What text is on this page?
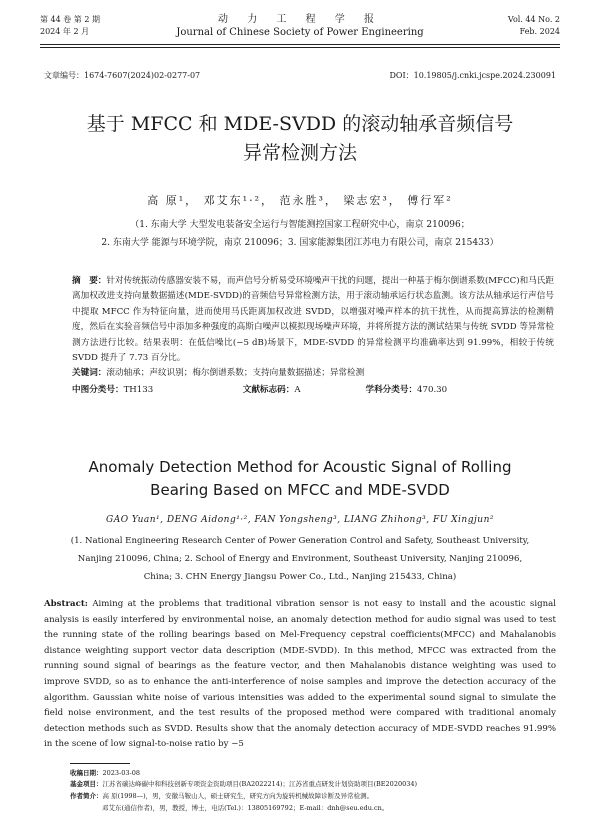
第 44 卷 第 2 期
2024 年 2 月
动 力 工 程 学 报
Journal of Chinese Society of Power Engineering
Vol. 44 No. 2
Feb. 2024
文章编号：1674-7607(2024)02-0277-07	DOI：10.19805/j.cnki.jcspe.2024.230091
基于 MFCC 和 MDE-SVDD 的滚动轴承音频信号
异常检测方法
高 原¹， 邓艾东¹·²， 范永胜³， 梁志宏³， 傅行军²
（1. 东南大学 大型发电装备安全运行与智能测控国家工程研究中心，南京 210096；
2. 东南大学 能源与环境学院，南京 210096；3. 国家能源集团江苏电力有限公司，南京 215433）
摘　要：针对传统振动传感器安装不易，而声信号分析易受环境噪声干扰的问题，提出一种基于梅尔倒谱系数(MFCC)和马氏距离加权改进支持向量数据描述(MDE-SVDD)的音频信号异常检测方法，用于滚动轴承运行状态监测。该方法从轴承运行声信号中提取 MFCC 作为特征向量，进而使用马氏距离加权改进 SVDD，以增强对噪声样本的抗干扰性，从而提高算法的检测精度，然后在实验音频信号中添加多种强度的高斯白噪声以模拟现场噪声环境，并将所提方法的测试结果与传统 SVDD 等异常检测方法进行比较。结果表明：在低信噪比(−5 dB)场景下，MDE-SVDD 的异常检测平均准确率达到 91.99%，相较于传统 SVDD 提升了 7.73 百分比。
关键词：滚动轴承；声纹识别；梅尔倒谱系数；支持向量数据描述；异常检测
中图分类号：TH133	文献标志码：A	学科分类号：470.30
Anomaly Detection Method for Acoustic Signal of Rolling
Bearing Based on MFCC and MDE-SVDD
GAO Yuan¹, DENG Aidong¹·², FAN Yongsheng³, LIANG Zhihong³, FU Xingjun²
(1. National Engineering Research Center of Power Generation Control and Safety, Southeast University,
Nanjing 210096, China; 2. School of Energy and Environment, Southeast University, Nanjing 210096,
China; 3. CHN Energy Jiangsu Power Co., Ltd., Nanjing 215433, China)
Abstract: Aiming at the problems that traditional vibration sensor is not easy to install and the acoustic signal analysis is easily interfered by environmental noise, an anomaly detection method for audio signal was used to test the running state of the rolling bearings based on Mel-Frequency cepstral coefficients(MFCC) and Mahalanobis distance weighting support vector data description (MDE-SVDD). In this method, MFCC was extracted from the running sound signal of bearings as the feature vector, and then Mahalanobis distance weighting was used to improve SVDD, so as to enhance the anti-interference of noise samples and improve the detection accuracy of the algorithm. Gaussian white noise of various intensities was added to the experimental sound signal to simulate the field noise environment, and the test results of the proposed method were compared with traditional anomaly detection methods such as SVDD. Results show that the anomaly detection accuracy of MDE-SVDD reaches 91.99% in the scene of low signal-to-noise ratio by −5
收稿日期：2023-03-08
基金项目：江苏省碳达峰碳中和科技创新专项资金资助项目(BA2022214)；江苏省重点研发计划资助项目(BE2020034)
作者简介：高 原(1998—)，男，安徽马鞍山人，硕士研究生，研究方向为旋转机械故障诊断及异常检测。
邓艾东(通信作者)，男，教授，博士，电话(Tel.)：13805169792；E-mail：dnh@seu.edu.cn。
